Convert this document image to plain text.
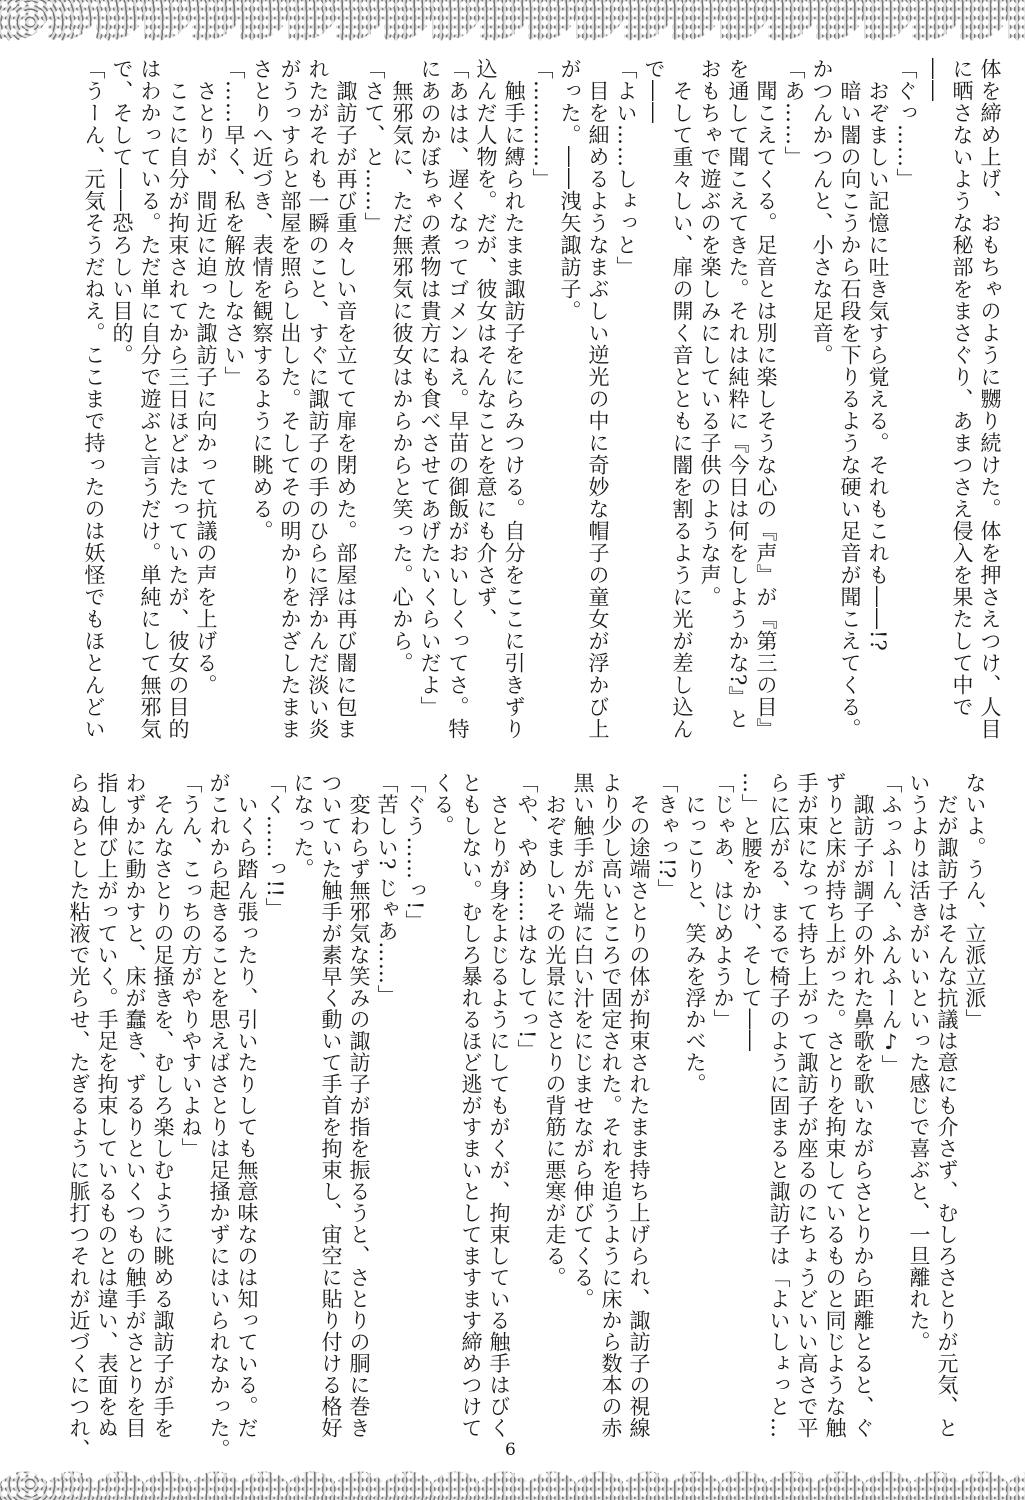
体を締め上げ、おもちゃのように嬲り続けた。体を押さえつけ、人目
に晒さないような秘部をまさぐり、あまつさえ侵入を果たして中で
――
「ぐっ……」
　おぞましい記憶に吐き気すら覚える。それもこれも――!?
　暗い闇の向こうから石段を下りるような硬い足音が聞こえてくる。
かつんかつんと、小さな足音。
「あ……」
　聞こえてくる。足音とは別に楽しそうな心の『声』が『第三の目』
を通して聞こえてきた。それは純粋に『今日は何をしようかな?』と
おもちゃで遊ぶのを楽しみにしている子供のような声。
　そして重々しい、扉の開く音とともに闇を割るように光が差し込ん
で――
「よい……しょっと」
　目を細めるようなまぶしい逆光の中に奇妙な帽子の童女が浮かび上
がった。――洩矢諏訪子。
「…………」
　触手に縛られたまま諏訪子をにらみつける。自分をここに引きずり
込んだ人物を。だが、彼女はそんなことを意にも介さず、
「あはは、遅くなってゴメンねえ。早苗の御飯がおいしくってさ。特
にあのかぼちゃの煮物は貴方にも食べさせてあげたいくらいだよ」
　無邪気に、ただ無邪気に彼女はからからと笑った。心から。
「さて、と……」
　諏訪子が再び重々しい音を立てて扉を閉めた。部屋は再び闇に包ま
れたがそれも一瞬のこと、すぐに諏訪子の手のひらに浮かんだ淡い炎
がうっすらと部屋を照らし出した。そしてその明かりをかざしたまま
さとりへ近づき、表情を観察するように眺める。
「……早く、私を解放しなさい」
　さとりが、間近に迫った諏訪子に向かって抗議の声を上げる。
　ここに自分が拘束されてから三日ほどはたっていたが、彼女の目的
はわかっている。ただ単に自分で遊ぶと言うだけ。単純にして無邪気
で、そして――恐ろしい目的。
「うーん、元気そうだねえ。ここまで持ったのは妖怪でもほとんどい
ないよ。うん、立派立派」
　だが諏訪子はそんな抗議は意にも介さず、むしろさとりが元気、と
いうよりは活きがいいといった感じで喜ぶと、一旦離れた。
「ふっふーん、ふんふーん♪」
　諏訪子が調子の外れた鼻歌を歌いながらさとりから距離とると、ぐ
ずりと床が持ち上がった。さとりを拘束しているものと同じような触
手が束になって持ち上がって諏訪子が座るのにちょうどいい高さで平
らに広がる、まるで椅子のように固まると諏訪子は「よいしょっと…
…」と腰をかけ、そして――
「じゃあ、はじめようか」
　にっこりと、笑みを浮かべた。
「きゃっ!?」
　その途端さとりの体が拘束されたまま持ち上げられ、諏訪子の視線
より少し高いところで固定された。それを追うように床から数本の赤
黒い触手が先端に白い汁をにじませながら伸びてくる。
　おぞましいその光景にさとりの背筋に悪寒が走る。
「や、やめ……はなしてっ!」
　さとりが身をよじるようにしてもがくが、拘束している触手はびく
ともしない。むしろ暴れるほど逃がすまいとしてますます締めつけて
くる。
「ぐう……っ!」
「苦しい? じゃあ……」
　変わらず無邪気な笑みの諏訪子が指を振るうと、さとりの胴に巻き
ついていた触手が素早く動いて手首を拘束し、宙空に貼り付ける格好
になった。
「く……っ!!」
　いくら踏ん張ったり、引いたりしても無意味なのは知っている。だ
がこれから起きることを思えばさとりは足掻かずにはいられなかった。
「うん、こっちの方がやりやすいよね」
　そんなさとりの足掻きを、むしろ楽しむように眺める諏訪子が手を
わずかに動かすと、床が蠢き、ずるりといくつもの触手がさとりを目
指し伸び上がっていく。手足を拘束しているものとは違い、表面をぬ
らぬらとした粘液で光らせ、たぎるように脈打つそれが近づくにつれ、	6
